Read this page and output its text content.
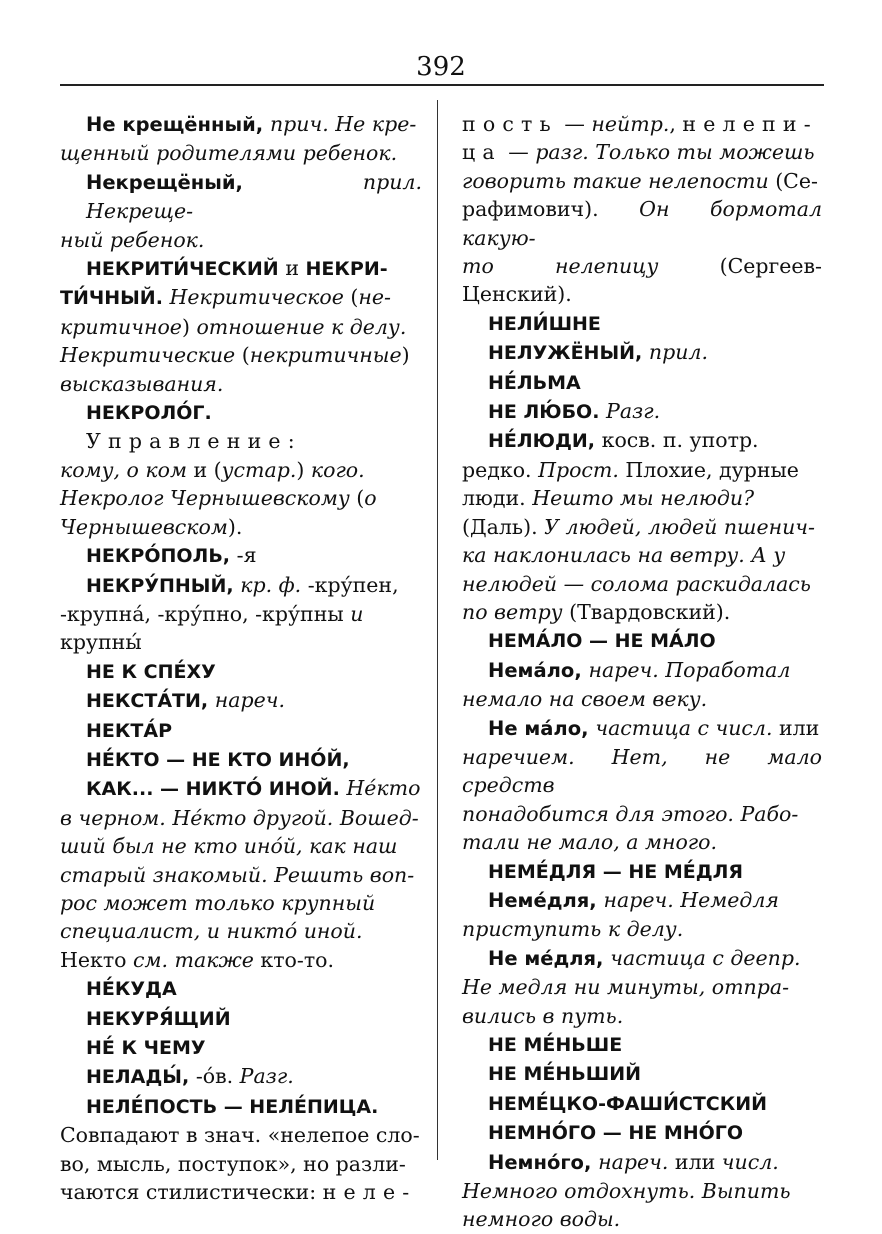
392
Не крещённый, прич. Не кре-
щенный родителями ребенок.
Некрещёный, прил. Некреще-
ный ребенок.
НЕКРИТИ́ЧЕСКИЙ и НЕКРИ-
ТИ́ЧНЫЙ. Некритическое (не-
критичное) отношение к делу.
Некритические (некритичные)
высказывания.
НЕКРОЛО́Г. Управление:
кому, о ком и (устар.) кого.
Некролог Чернышевскому (о
Чернышевском).
НЕКРО́ПОЛЬ, -я
НЕКРУ́ПНЫЙ, кр. ф. -кру́пен,
-крупна́, -кру́пно, -кру́пны и
крупны́
НЕ К СПЕ́ХУ
НЕКСТА́ТИ, нареч.
НЕКТА́Р
НЕ́КТО — НЕ КТО ИНО́Й,
КАК... — НИКТО́ ИНОЙ. Не́кто
в черном. Не́кто другой. Вошед-
ший был не кто ино́й, как наш
старый знакомый. Решить воп-
рос может только крупный
специалист, и никто́ иной.
Некто см. также кто-то.
НЕ́КУДА
НЕКУРЯ́ЩИЙ
НЕ́ К ЧЕМУ
НЕЛАДЫ́, -о́в. Разг.
НЕЛЕ́ПОСТЬ — НЕЛЕ́ПИЦА.
Совпадают в знач. «нелепое сло-
во, мысль, поступок», но разли-
чаются стилистически: неле-
пость — нейтр., нелепи-
ца — разг. Только ты можешь
говорить такие нелепости (Се-
рафимович). Он бормотал какую-
то нелепицу (Сергеев-Ценский).
НЕЛИ́ШНЕ
НЕЛУЖЁНЫЙ, прил.
НЕ́ЛЬМА
НЕ ЛЮ́БО. Разг.
НЕ́ЛЮДИ, косв. п. употр.
редко. Прост. Плохие, дурные
люди. Нешто мы нелюди?
(Даль). У людей, людей пшенич-
ка наклонилась на ветру. А у
нелюдей — солома раскидалась
по ветру (Твардовский).
НЕМА́ЛО — НЕ МА́ЛО
Нема́ло, нареч. Поработал
немало на своем веку.
Не ма́ло, частица с числ. или
наречием. Нет, не мало средств
понадобится для этого. Рабо-
тали не мало, а много.
НЕМЕ́ДЛЯ — НЕ МЕ́ДЛЯ
Неме́для, нареч. Немедля
приступить к делу.
Не ме́для, частица с деепр.
Не медля ни минуты, отпра-
вились в путь.
НЕ МЕ́НЬШЕ
НЕ МЕ́НЬШИЙ
НЕМЕ́ЦКО-ФАШИ́СТСКИЙ
НЕМНО́ГО — НЕ МНО́ГО
Немно́го, нареч. или числ.
Немного отдохнуть. Выпить
немного воды.
